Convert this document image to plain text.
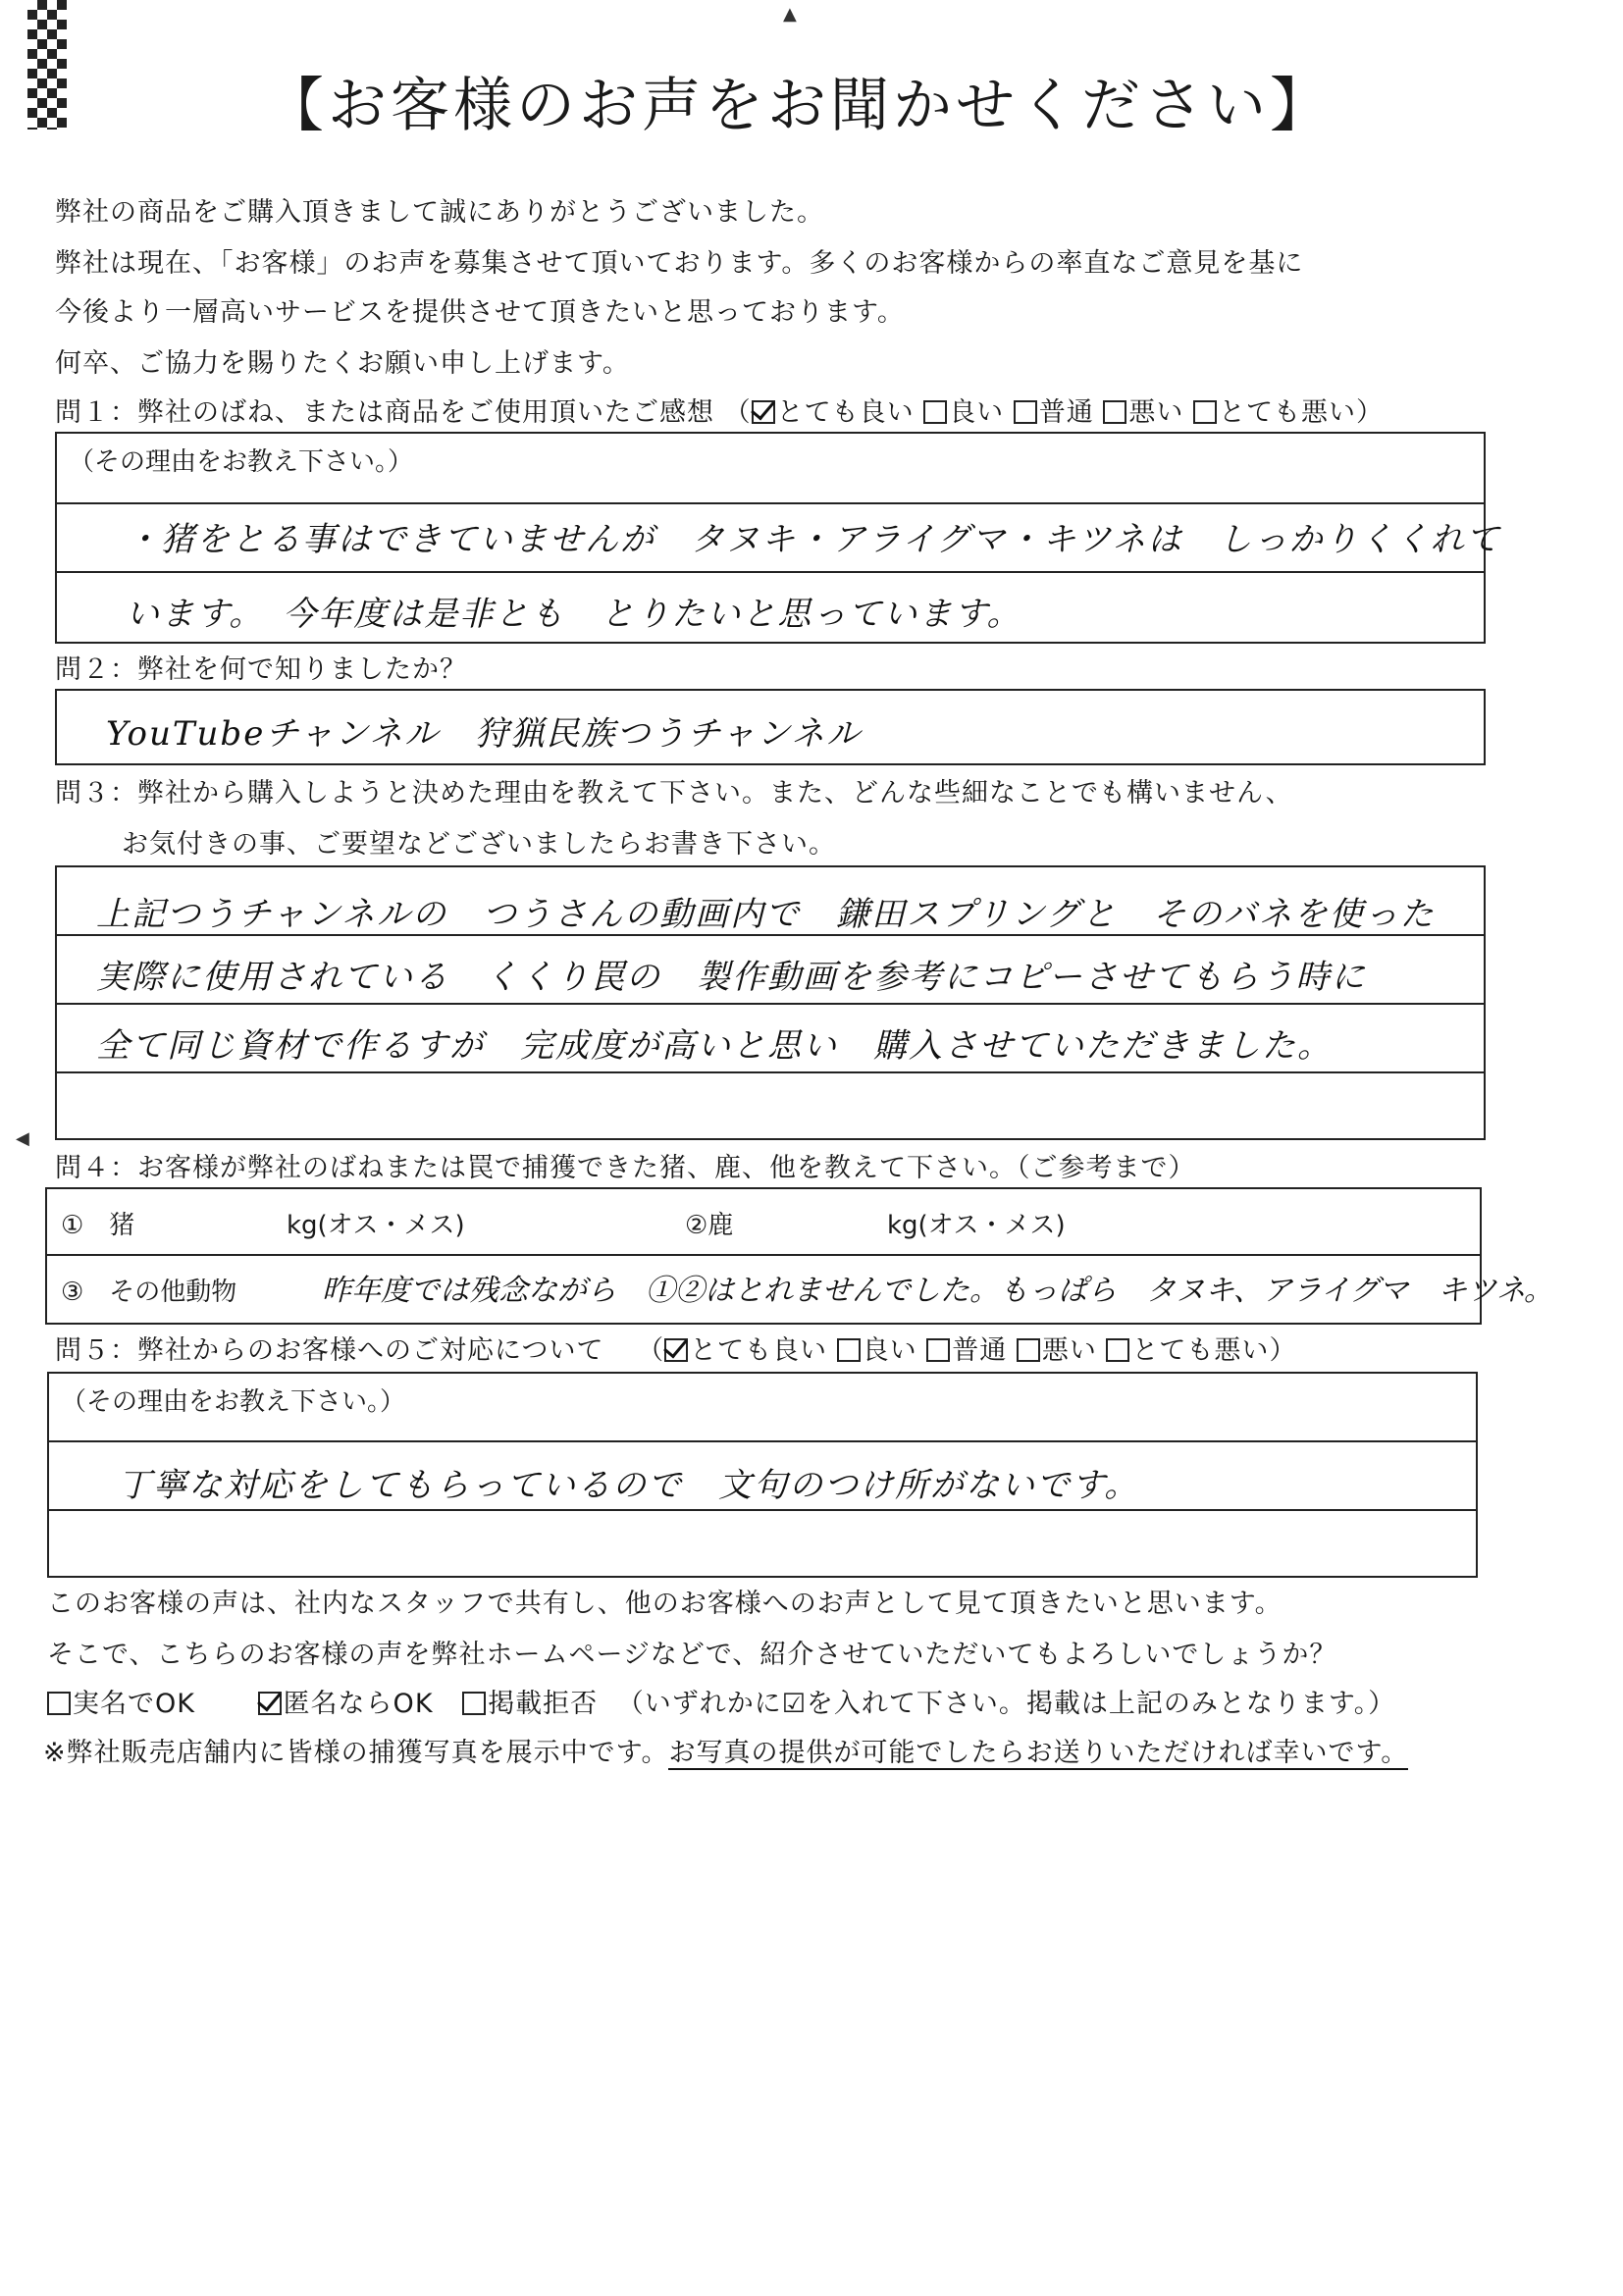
▲
◀
【お客様のお声をお聞かせください】
弊社の商品をご購入頂きまして誠にありがとうございました。
弊社は現在、「お客様」のお声を募集させて頂いております。多くのお客様からの率直なご意見を基に
今後より一層高いサービスを提供させて頂きたいと思っております。
何卒、ご協力を賜りたくお願い申し上げます。
問１：弊社のばね、または商品をご使用頂いたご感想 （ とても良い 良い 普通 悪い とても悪い）
（その理由をお教え下さい。）
・猪をとる事はできていませんが　タヌキ・アライグマ・キツネは　しっかりくくれて
います。　今年度は是非とも　とりたいと思っています。
問２：弊社を何で知りましたか？
YouTubeチャンネル　狩猟民族つうチャンネル
問３：弊社から購入しようと決めた理由を教えて下さい。また、どんな些細なことでも構いません、
お気付きの事、ご要望などございましたらお書き下さい。
上記つうチャンネルの　つうさんの動画内で　鎌田スプリングと　そのバネを使った
実際に使用されている　くくり罠の　製作動画を参考にコピーさせてもらう時に
全て同じ資材で作るすが　完成度が高いと思い　購入させていただきました。
問４：お客様が弊社のばねまたは罠で捕獲できた猪、鹿、他を教えて下さい。（ご参考まで）
①　猪	kg(オス・メス)	②鹿	kg(オス・メス)
③　その他動物	昨年度では残念ながら　①②はとれませんでした。もっぱら　タヌキ、アライグマ　キツネ。
問５：弊社からのお客様へのご対応について （ とても良い 良い 普通 悪い とても悪い）
（その理由をお教え下さい。）
丁寧な対応をしてもらっているので　文句のつけ所がないです。
このお客様の声は、社内なスタッフで共有し、他のお客様へのお声として見て頂きたいと思います。
そこで、こちらのお客様の声を弊社ホームページなどで、紹介させていただいてもよろしいでしょうか？
実名でOK	匿名ならOK 掲載拒否 （いずれかに☑を入れて下さい。掲載は上記のみとなります。）
※弊社販売店舗内に皆様の捕獲写真を展示中です。お写真の提供が可能でしたらお送りいただければ幸いです。
